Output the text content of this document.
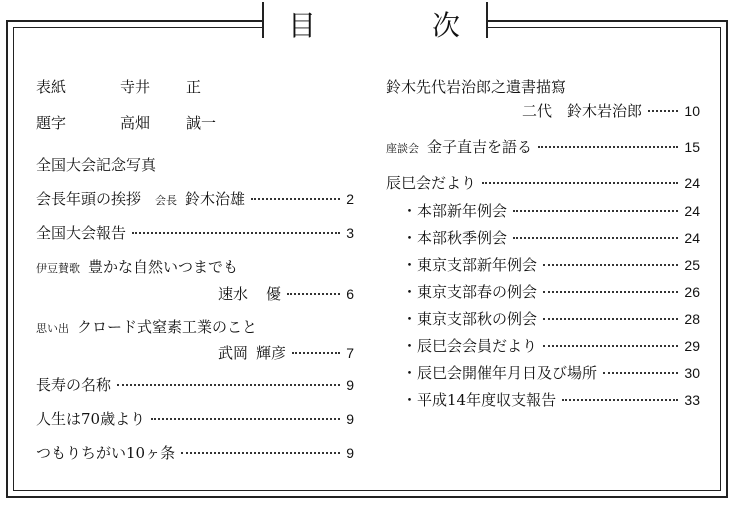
目	次
表紙	寺井 正
題字	高畑 誠一
全国大会記念写真
会長年頭の挨拶 会長 鈴木治雄	2
全国大会報告	3
伊豆賛歌 豊かな自然いつまでも
速水 優	6
思い出 クロード式窒素工業のこと
武岡 輝彦	7
長寿の名称	9
人生は70歳より	9
つもりちがい10ヶ条	9
鈴木先代岩治郎之遺書描寫
二代　鈴木岩治郎	10
座談会 金子直吉を語る	15
辰巳会だより	24
・本部新年例会	24
・本部秋季例会	24
・東京支部新年例会	25
・東京支部春の例会	26
・東京支部秋の例会	28
・辰巳会会員だより	29
・辰巳会開催年月日及び場所	30
・平成14年度収支報告	33
